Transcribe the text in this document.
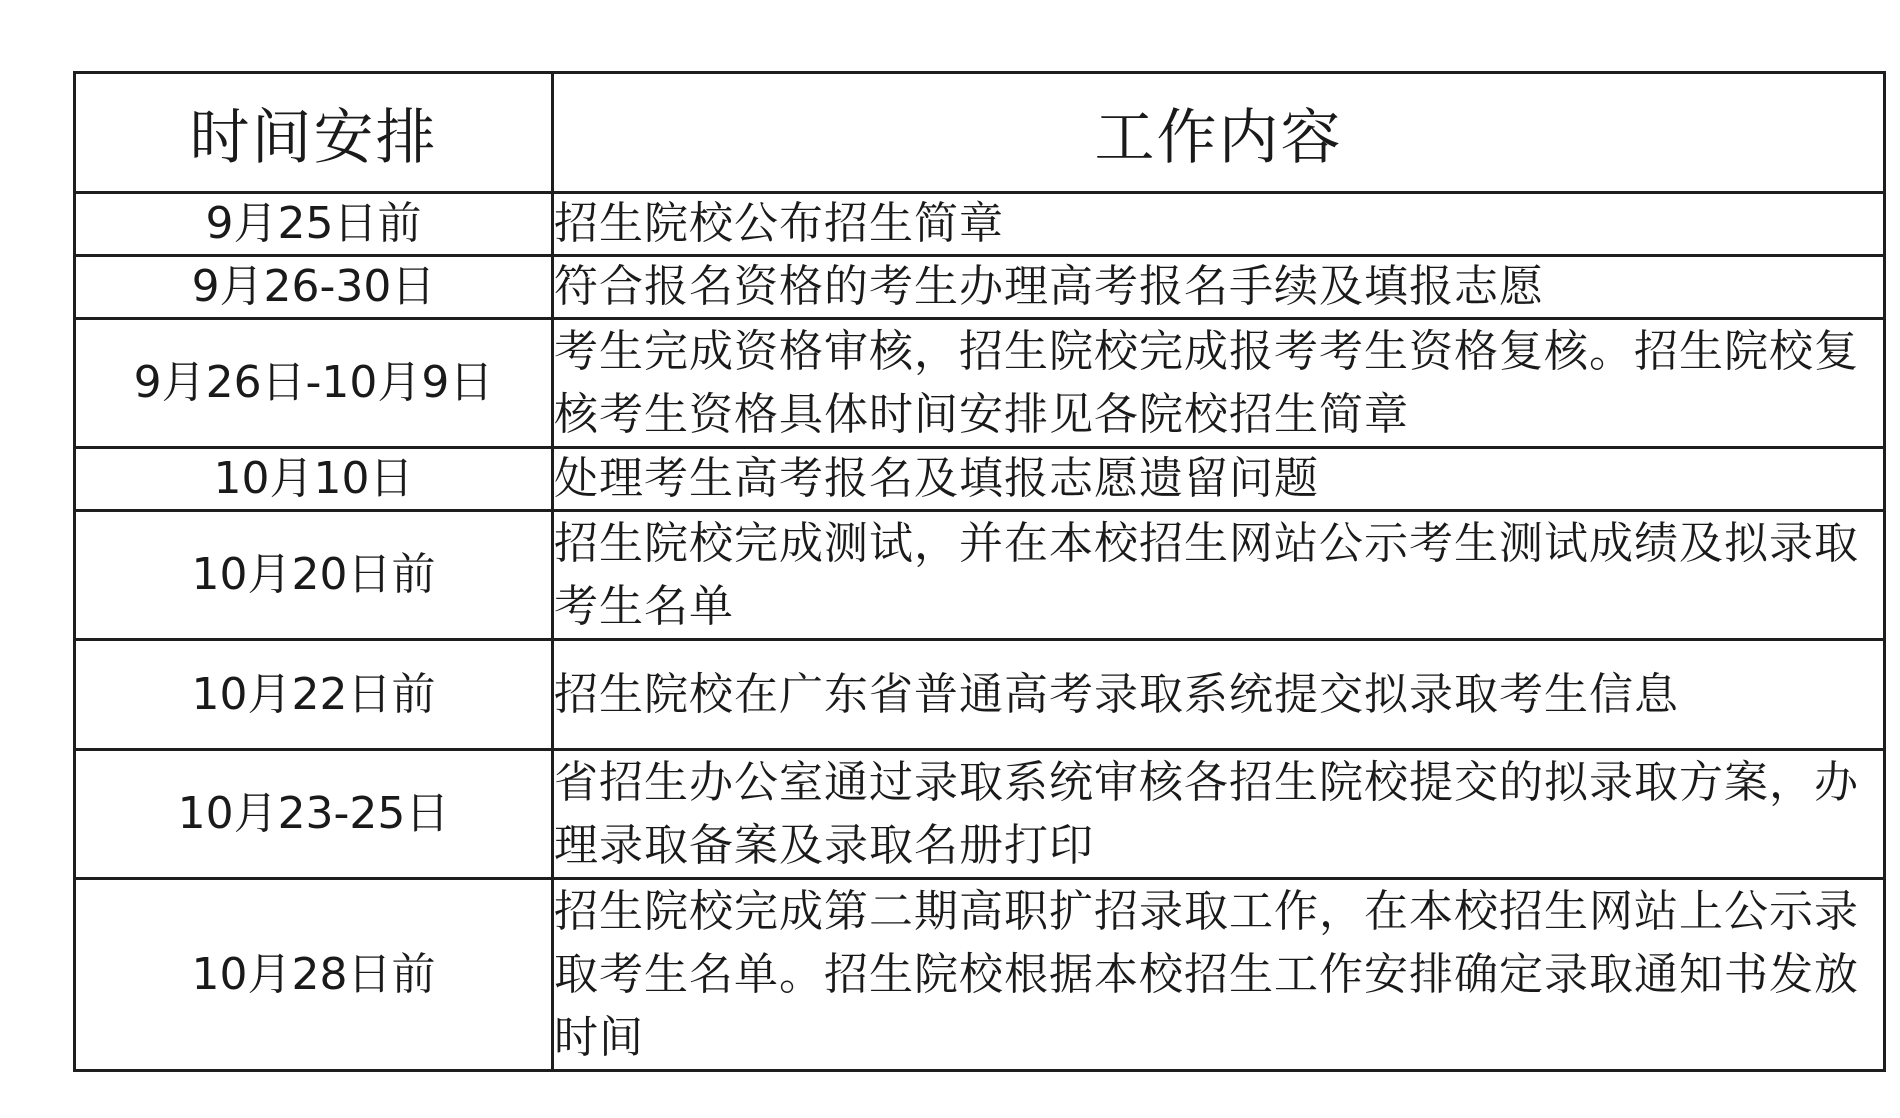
时间安排	工作内容
9月25日前	招生院校公布招生简章
9月26-30日	符合报名资格的考生办理高考报名手续及填报志愿
9月26日-10月9日	考生完成资格审核，招生院校完成报考考生资格复核。招生院校复核考生资格具体时间安排见各院校招生简章
10月10日	处理考生高考报名及填报志愿遗留问题
10月20日前	招生院校完成测试，并在本校招生网站公示考生测试成绩及拟录取考生名单
10月22日前	招生院校在广东省普通高考录取系统提交拟录取考生信息
10月23-25日	省招生办公室通过录取系统审核各招生院校提交的拟录取方案，办理录取备案及录取名册打印
10月28日前	招生院校完成第二期高职扩招录取工作，在本校招生网站上公示录取考生名单。招生院校根据本校招生工作安排确定录取通知书发放时间
